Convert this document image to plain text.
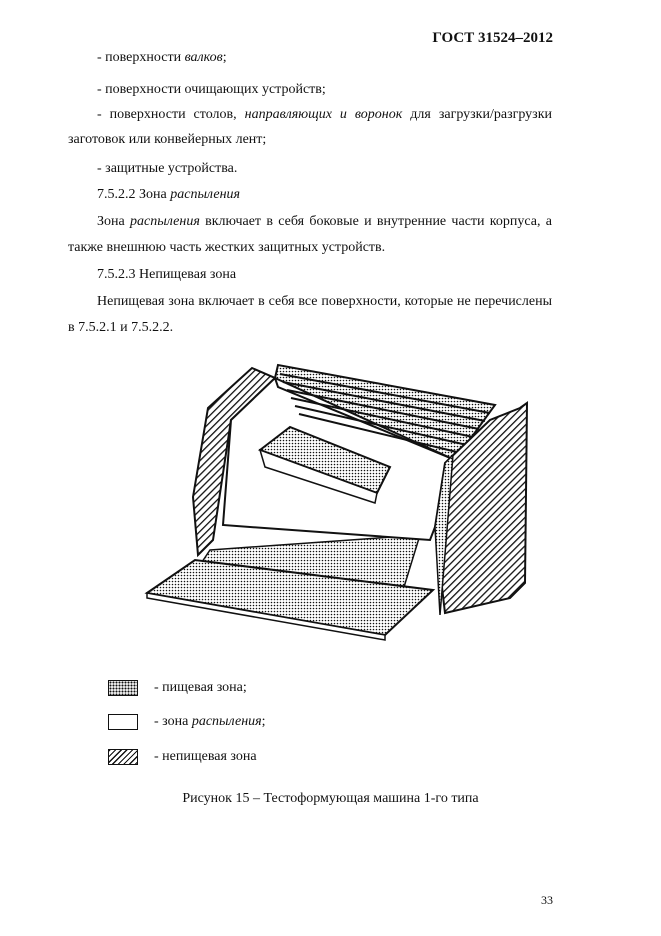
ГОСТ 31524–2012
- поверхности валков;
- поверхности очищающих устройств;
- поверхности столов, направляющих и воронок для загрузки/разгрузки
заготовок или конвейерных лент;
- защитные устройства.
7.5.2.2 Зона распыления
Зона распыления включает в себя боковые и внутренние части корпуса, а
также внешнюю часть жестких защитных устройств.
7.5.2.3 Непищевая зона
Непищевая зона включает в себя все поверхности, которые не перечислены
в 7.5.2.1 и 7.5.2.2.
- пищевая зона;
- зона распыления;
- непищевая зона
Рисунок 15 – Тестоформующая машина 1-го типа
33
